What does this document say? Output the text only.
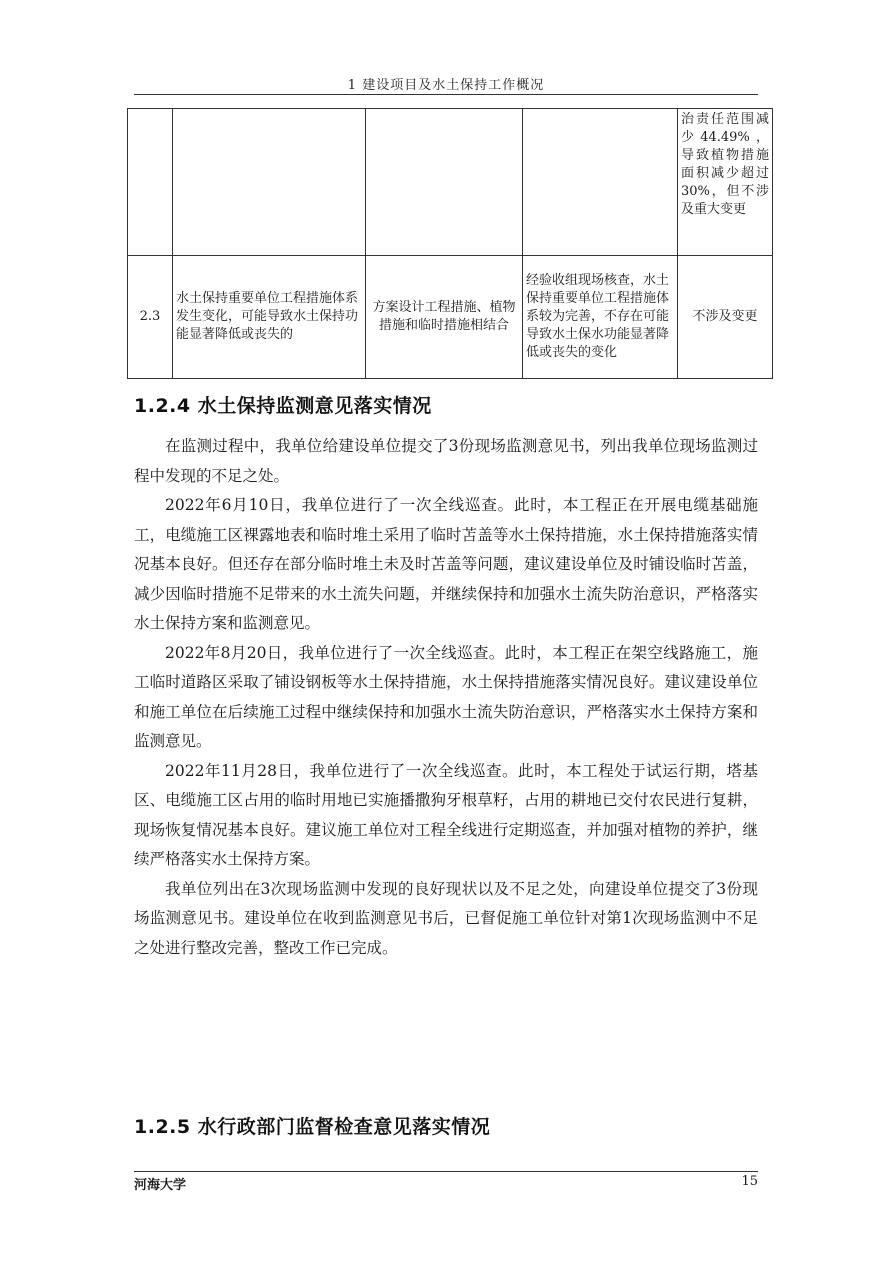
1 建设项目及水土保持工作概况
				治责任范围减少44.49%，导致植物措施面积减少超过30%，但不涉及重大变更
2.3	水土保持重要单位工程措施体系发生变化，可能导致水土保持功能显著降低或丧失的	方案设计工程措施、植物措施和临时措施相结合	经验收组现场核查，水土保持重要单位工程措施体系较为完善，不存在可能导致水土保水功能显著降低或丧失的变化	不涉及变更
1.2.4 水土保持监测意见落实情况

在监测过程中，我单位给建设单位提交了3份现场监测意见书，列出我单位现场监测过程中发现的不足之处。

2022年6月10日，我单位进行了一次全线巡查。此时，本工程正在开展电缆基础施工，电缆施工区裸露地表和临时堆土采用了临时苫盖等水土保持措施，水土保持措施落实情况基本良好。但还存在部分临时堆土未及时苫盖等问题，建议建设单位及时铺设临时苫盖，减少因临时措施不足带来的水土流失问题，并继续保持和加强水土流失防治意识，严格落实水土保持方案和监测意见。

2022年8月20日，我单位进行了一次全线巡查。此时，本工程正在架空线路施工，施工临时道路区采取了铺设钢板等水土保持措施，水土保持措施落实情况良好。建议建设单位和施工单位在后续施工过程中继续保持和加强水土流失防治意识，严格落实水土保持方案和监测意见。

2022年11月28日，我单位进行了一次全线巡查。此时，本工程处于试运行期，塔基区、电缆施工区占用的临时用地已实施播撒狗牙根草籽，占用的耕地已交付农民进行复耕，现场恢复情况基本良好。建议施工单位对工程全线进行定期巡查，并加强对植物的养护，继续严格落实水土保持方案。

我单位列出在3次现场监测中发现的良好现状以及不足之处，向建设单位提交了3份现场监测意见书。建设单位在收到监测意见书后，已督促施工单位针对第1次现场监测中不足之处进行整改完善，整改工作已完成。

1.2.5 水行政部门监督检查意见落实情况
河海大学	15
